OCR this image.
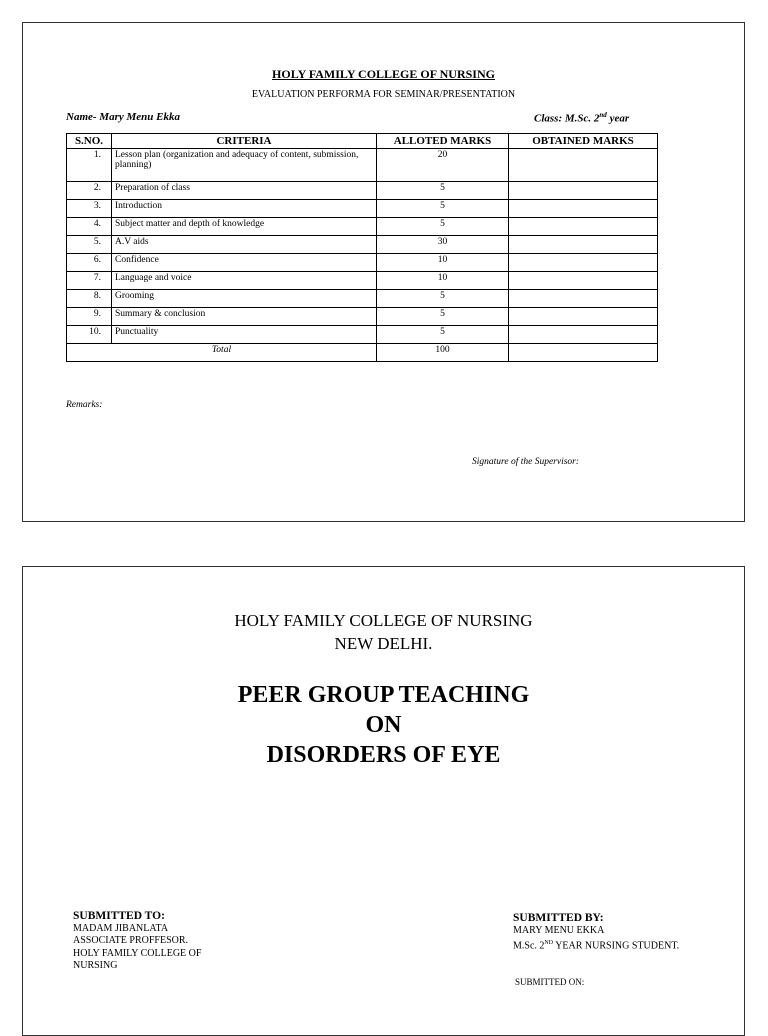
HOLY FAMILY COLLEGE OF NURSING
EVALUATION PERFORMA FOR SEMINAR/PRESENTATION
Name- Mary Menu Ekka	Class: M.Sc. 2nd year
S.NO.	CRITERIA	ALLOTED MARKS	OBTAINED MARKS
1.	Lesson plan (organization and adequacy of content, submission, planning)	20	
2.	Preparation of class	5	
3.	Introduction	5	
4.	Subject matter and depth of knowledge	5	
5.	A.V aids	30	
6.	Confidence	10	
7.	Language and voice	10	
8.	Grooming	5	
9.	Summary & conclusion	5	
10.	Punctuality	5	
Total		100	
Remarks:
Signature of the Supervisor:
HOLY FAMILY COLLEGE OF NURSING
NEW DELHI.
PEER GROUP TEACHING
ON
DISORDERS OF EYE
SUBMITTED TO:
MADAM JIBANLATA
ASSOCIATE PROFFESOR.
HOLY FAMILY COLLEGE OF
NURSING
SUBMITTED BY:
MARY MENU EKKA
M.Sc. 2ND YEAR NURSING STUDENT.
SUBMITTED ON:
